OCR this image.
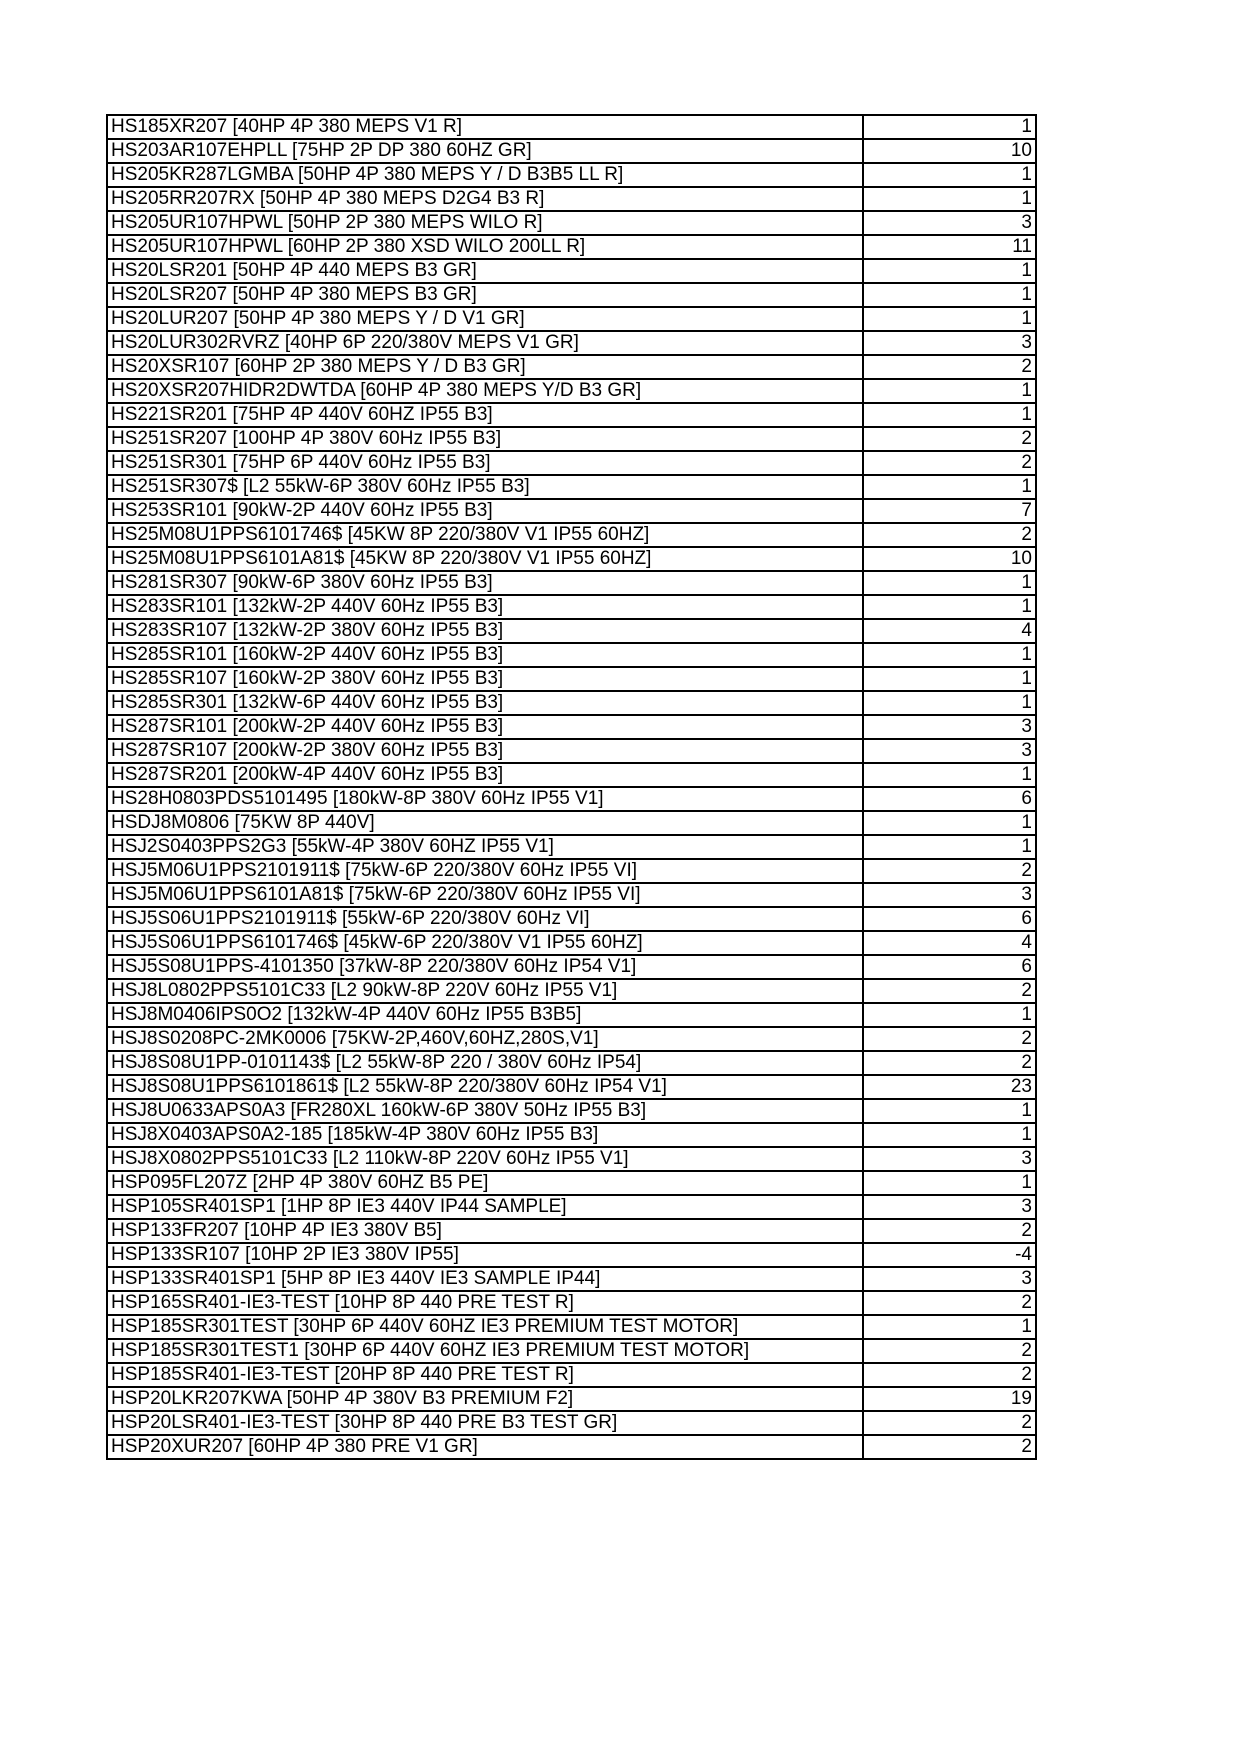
HS185XR207 [40HP 4P 380 MEPS V1 R]	1
HS203AR107EHPLL [75HP 2P DP 380 60HZ GR]	10
HS205KR287LGMBA [50HP 4P 380 MEPS Y / D B3B5 LL R]	1
HS205RR207RX [50HP 4P 380 MEPS D2G4 B3 R]	1
HS205UR107HPWL [50HP 2P 380 MEPS WILO R]	3
HS205UR107HPWL [60HP 2P 380 XSD WILO 200LL R]	11
HS20LSR201 [50HP 4P 440 MEPS B3 GR]	1
HS20LSR207 [50HP 4P 380 MEPS B3 GR]	1
HS20LUR207 [50HP 4P 380 MEPS Y / D V1 GR]	1
HS20LUR302RVRZ [40HP 6P 220/380V MEPS V1 GR]	3
HS20XSR107 [60HP 2P 380 MEPS Y / D B3 GR]	2
HS20XSR207HIDR2DWTDA [60HP 4P 380 MEPS Y/D B3 GR]	1
HS221SR201 [75HP 4P 440V 60HZ IP55 B3]	1
HS251SR207 [100HP 4P 380V 60Hz IP55 B3]	2
HS251SR301 [75HP 6P 440V 60Hz IP55 B3]	2
HS251SR307$ [L2 55kW-6P 380V 60Hz IP55 B3]	1
HS253SR101 [90kW-2P 440V 60Hz IP55 B3]	7
HS25M08U1PPS6101746$ [45KW 8P 220/380V V1 IP55 60HZ]	2
HS25M08U1PPS6101A81$ [45KW 8P 220/380V V1 IP55 60HZ]	10
HS281SR307 [90kW-6P 380V 60Hz IP55 B3]	1
HS283SR101 [132kW-2P 440V 60Hz IP55 B3]	1
HS283SR107 [132kW-2P 380V 60Hz IP55 B3]	4
HS285SR101 [160kW-2P 440V 60Hz IP55 B3]	1
HS285SR107 [160kW-2P 380V 60Hz IP55 B3]	1
HS285SR301 [132kW-6P 440V 60Hz IP55 B3]	1
HS287SR101 [200kW-2P 440V 60Hz IP55 B3]	3
HS287SR107 [200kW-2P 380V 60Hz IP55 B3]	3
HS287SR201 [200kW-4P 440V 60Hz IP55 B3]	1
HS28H0803PDS5101495 [180kW-8P 380V 60Hz IP55 V1]	6
HSDJ8M0806 [75KW 8P 440V]	1
HSJ2S0403PPS2G3 [55kW-4P 380V 60HZ IP55 V1]	1
HSJ5M06U1PPS2101911$ [75kW-6P 220/380V 60Hz IP55 VI]	2
HSJ5M06U1PPS6101A81$ [75kW-6P 220/380V 60Hz IP55 VI]	3
HSJ5S06U1PPS2101911$ [55kW-6P 220/380V 60Hz VI]	6
HSJ5S06U1PPS6101746$ [45kW-6P 220/380V V1 IP55 60HZ]	4
HSJ5S08U1PPS-4101350 [37kW-8P 220/380V 60Hz IP54 V1]	6
HSJ8L0802PPS5101C33 [L2 90kW-8P 220V 60Hz IP55 V1]	2
HSJ8M0406IPS0O2 [132kW-4P 440V 60Hz IP55 B3B5]	1
HSJ8S0208PC-2MK0006 [75KW-2P,460V,60HZ,280S,V1]	2
HSJ8S08U1PP-0101143$ [L2 55kW-8P 220 / 380V 60Hz IP54]	2
HSJ8S08U1PPS6101861$ [L2 55kW-8P 220/380V 60Hz IP54 V1]	23
HSJ8U0633APS0A3 [FR280XL 160kW-6P 380V 50Hz IP55 B3]	1
HSJ8X0403APS0A2-185 [185kW-4P 380V 60Hz IP55 B3]	1
HSJ8X0802PPS5101C33 [L2 110kW-8P 220V 60Hz IP55 V1]	3
HSP095FL207Z [2HP 4P 380V 60HZ B5 PE]	1
HSP105SR401SP1 [1HP 8P IE3 440V IP44 SAMPLE]	3
HSP133FR207 [10HP 4P IE3 380V B5]	2
HSP133SR107 [10HP 2P IE3 380V IP55]	-4
HSP133SR401SP1 [5HP 8P IE3 440V IE3 SAMPLE IP44]	3
HSP165SR401-IE3-TEST [10HP 8P 440 PRE TEST R]	2
HSP185SR301TEST [30HP 6P 440V 60HZ IE3 PREMIUM TEST MOTOR]	1
HSP185SR301TEST1 [30HP 6P 440V 60HZ IE3 PREMIUM TEST MOTOR]	2
HSP185SR401-IE3-TEST [20HP 8P 440 PRE TEST R]	2
HSP20LKR207KWA [50HP 4P 380V B3 PREMIUM F2]	19
HSP20LSR401-IE3-TEST [30HP 8P 440 PRE B3 TEST GR]	2
HSP20XUR207 [60HP 4P 380 PRE V1 GR]	2
